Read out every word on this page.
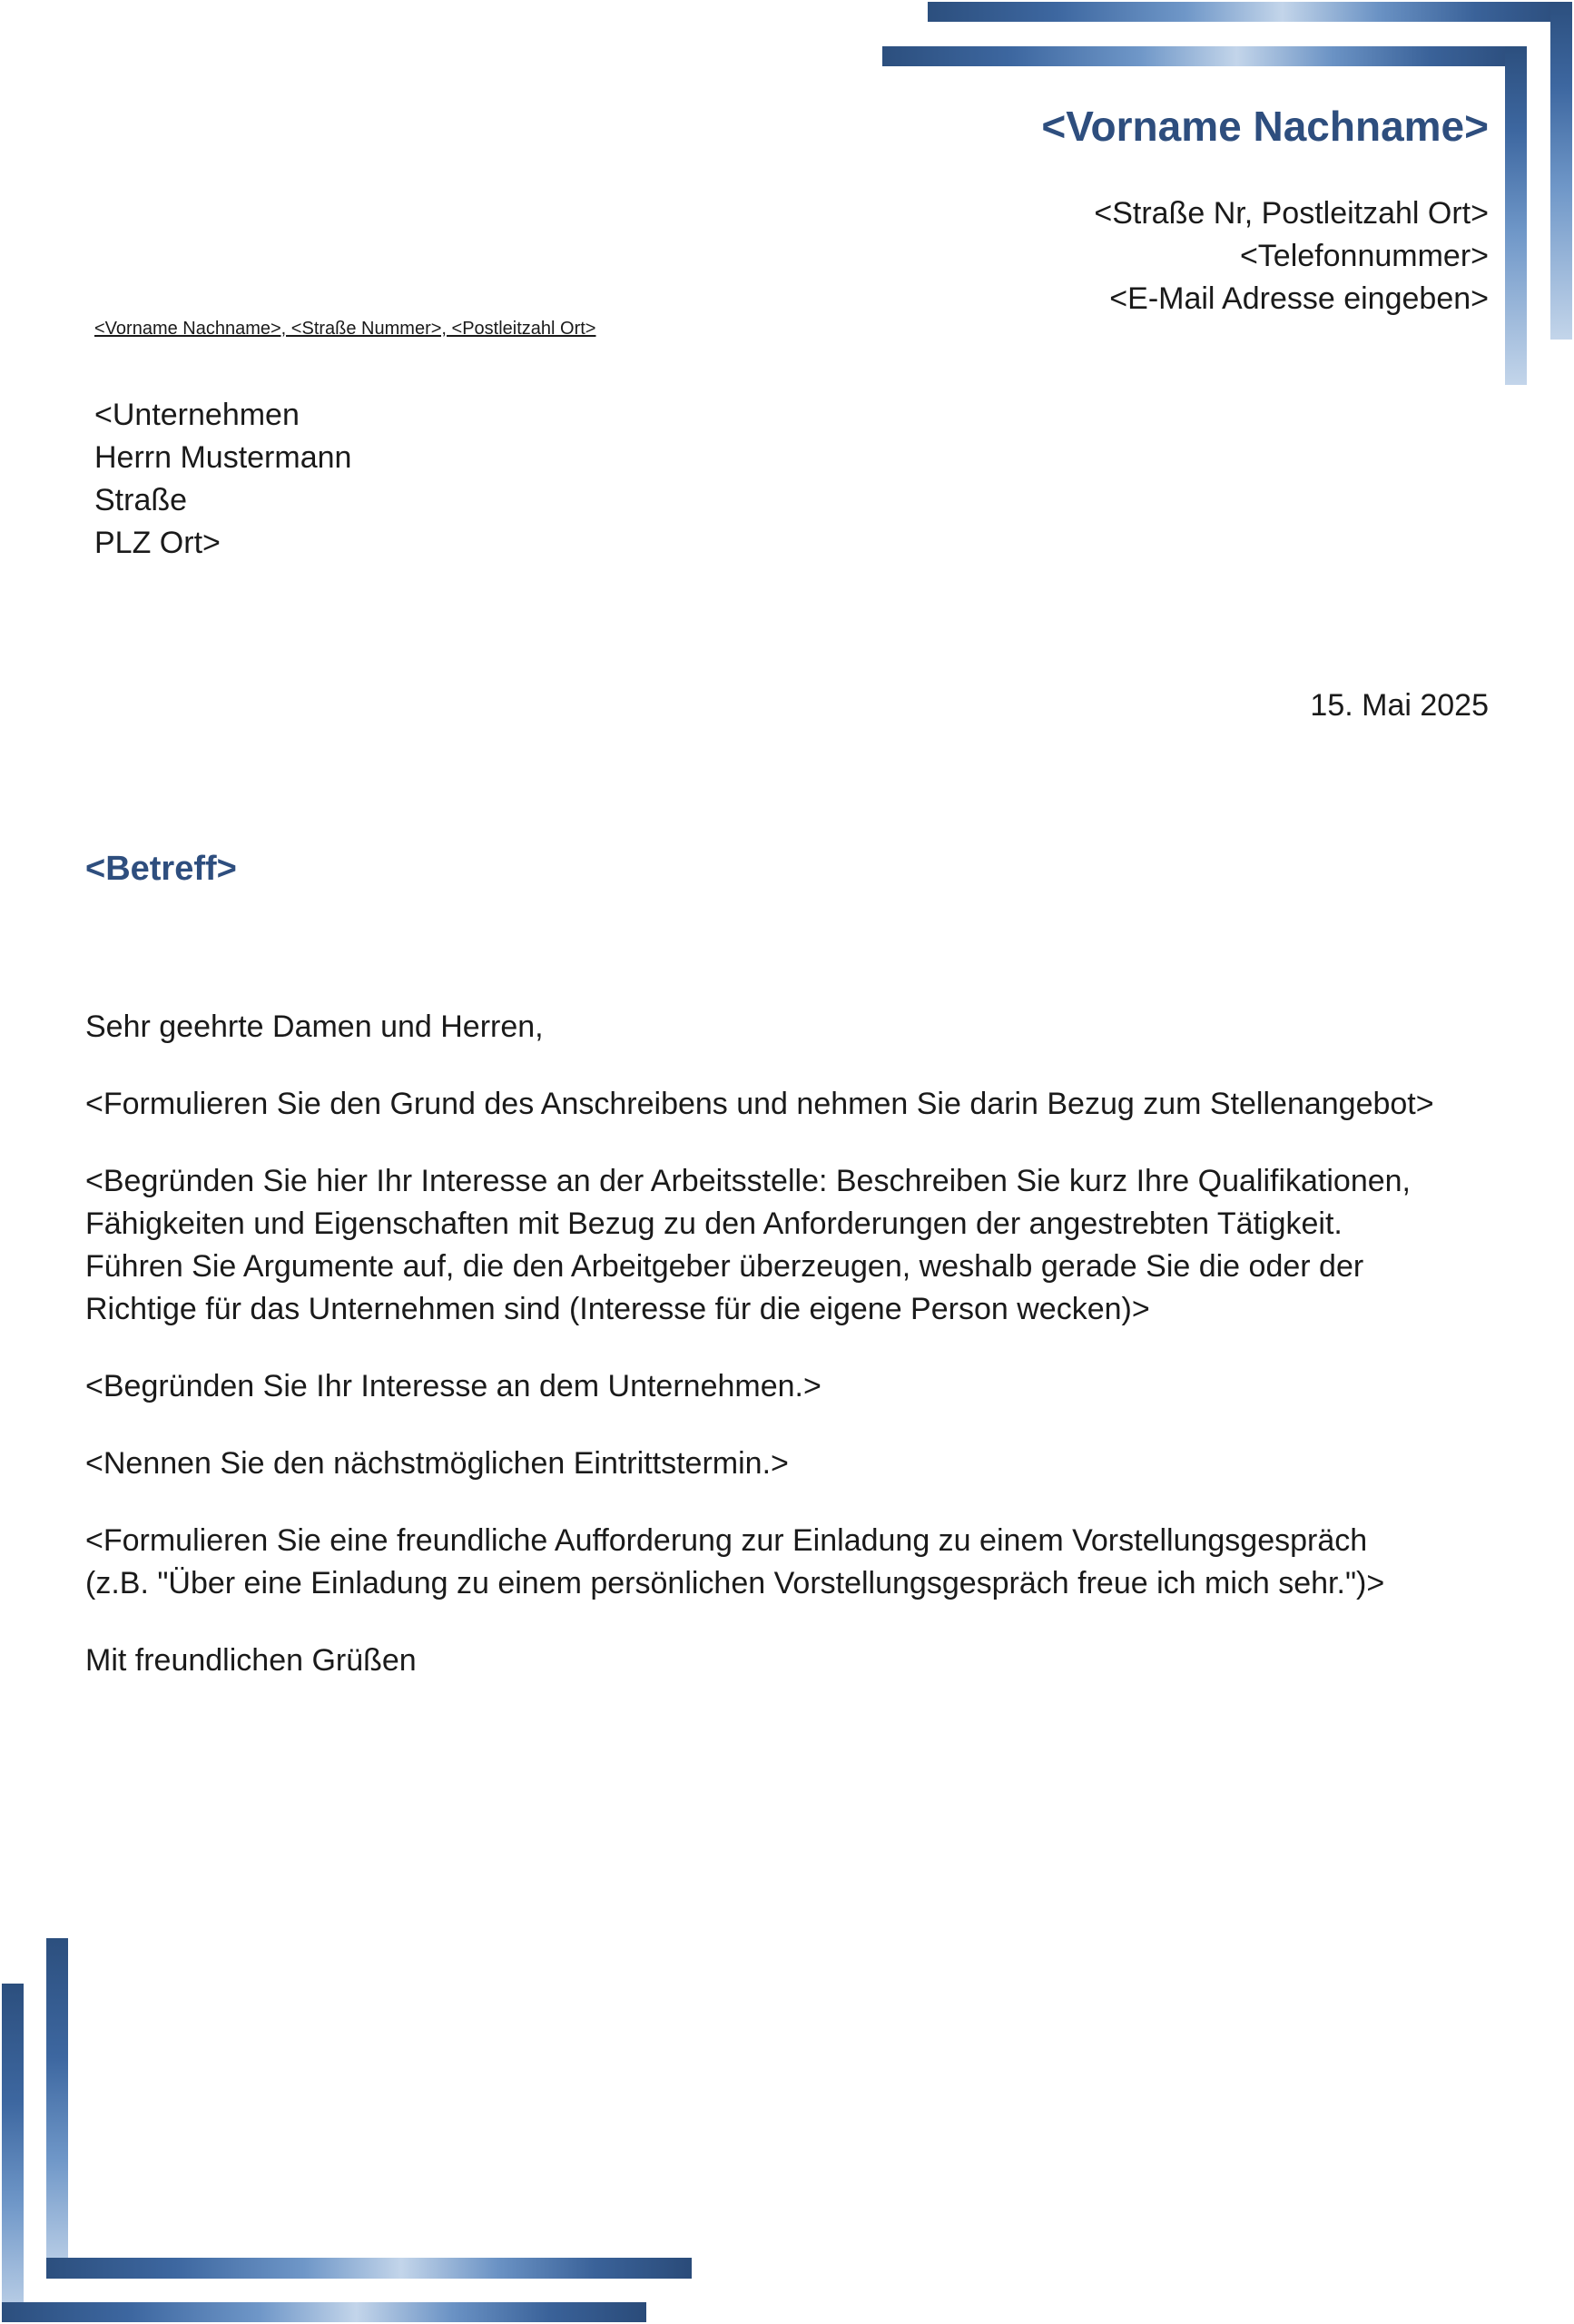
<Vorname Nachname>
<Straße Nr, Postleitzahl Ort>
<Telefonnummer>
<E-Mail Adresse eingeben>
<Vorname Nachname>, <Straße Nummer>, <Postleitzahl Ort>
<Unternehmen
Herrn Mustermann
Straße
PLZ Ort>
15. Mai 2025
<Betreff>

Sehr geehrte Damen und Herren,

<Formulieren Sie den Grund des Anschreibens und nehmen Sie darin Bezug zum Stellenangebot>

<Begründen Sie hier Ihr Interesse an der Arbeitsstelle: Beschreiben Sie kurz Ihre Qualifikationen,
Fähigkeiten und Eigenschaften mit Bezug zu den Anforderungen der angestrebten Tätigkeit.
Führen Sie Argumente auf, die den Arbeitgeber überzeugen, weshalb gerade Sie die oder der
Richtige für das Unternehmen sind (Interesse für die eigene Person wecken)>

<Begründen Sie Ihr Interesse an dem Unternehmen.>

<Nennen Sie den nächstmöglichen Eintrittstermin.>

<Formulieren Sie eine freundliche Aufforderung zur Einladung zu einem Vorstellungsgespräch
(z.B. "Über eine Einladung zu einem persönlichen Vorstellungsgespräch freue ich mich sehr.")>

Mit freundlichen Grüßen
